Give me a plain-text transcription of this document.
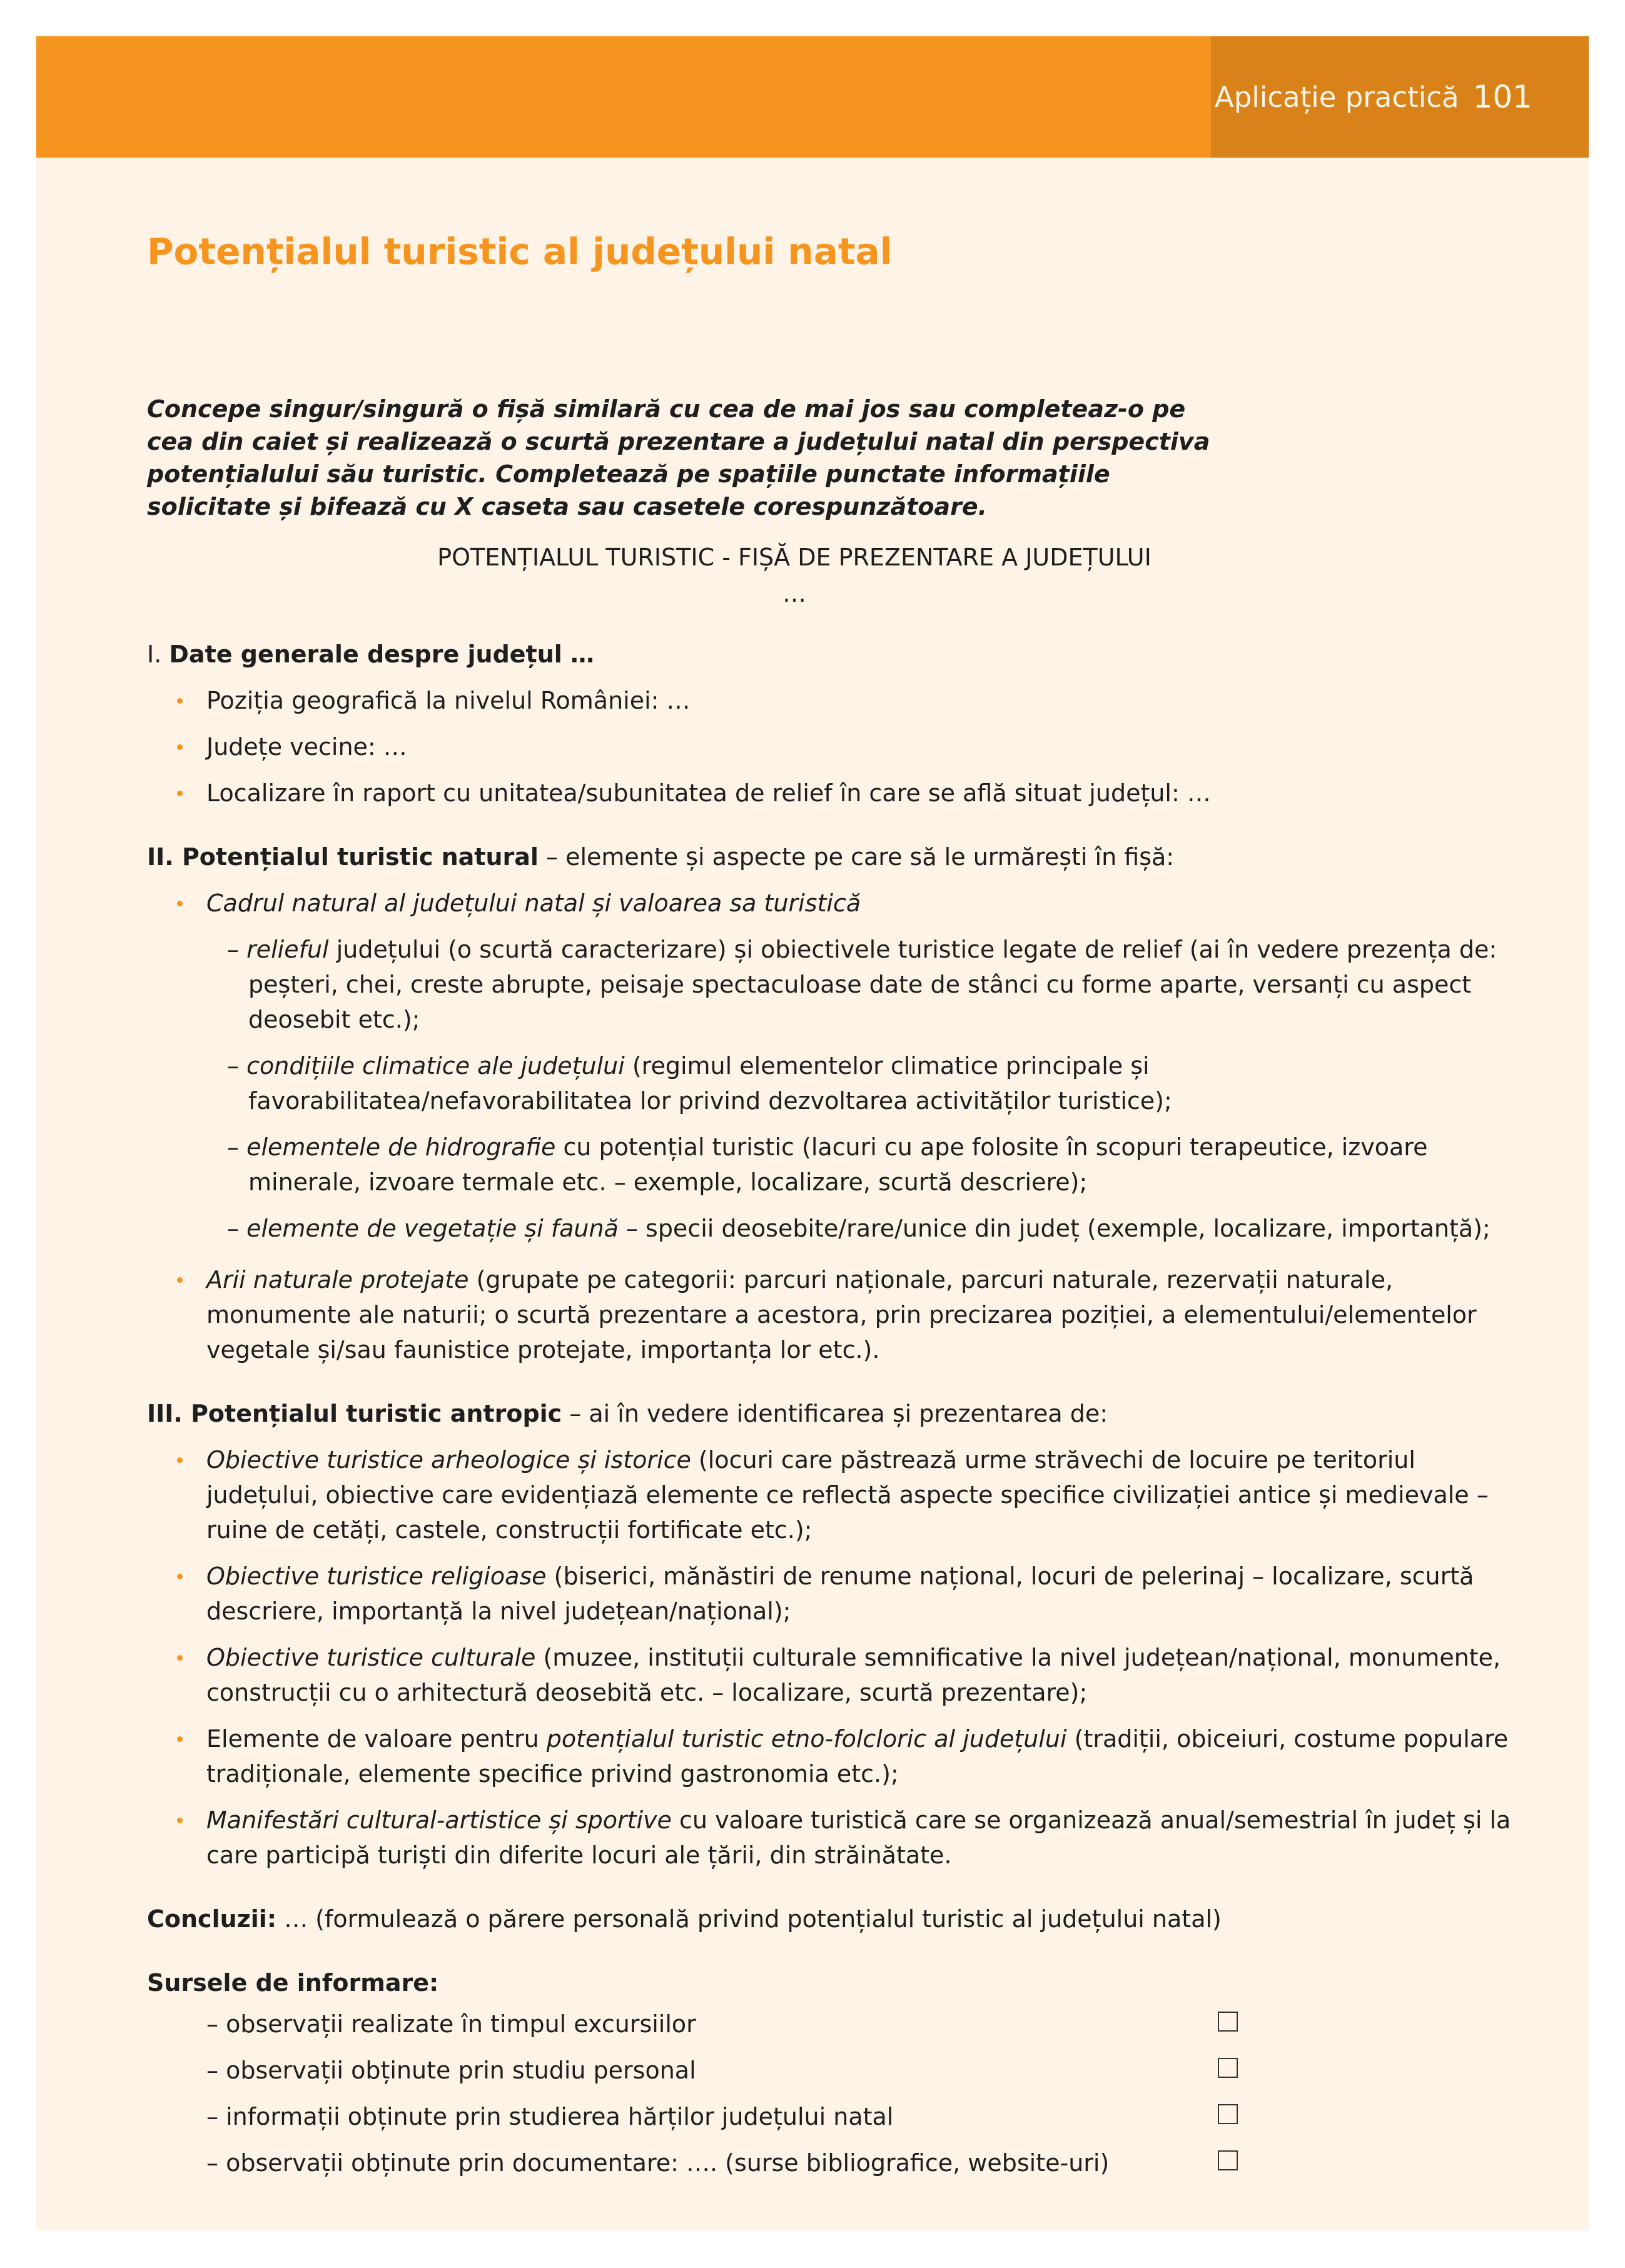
Aplicație practică 101
Potențialul turistic al județului natal

Concepe singur/singură o fișă similară cu cea de mai jos sau completeaz-o pe cea din caiet și realizează o scurtă prezentare a județului natal din perspectiva potențialului său turistic. Completează pe spațiile punctate informațiile solicitate și bifează cu X caseta sau casetele corespunzătoare.

POTENȚIALUL TURISTIC - FIȘĂ DE PREZENTARE A JUDEȚULUI
…

I. Date generale despre județul …

Poziția geografică la nivelul României: …
Județe vecine: …
Localizare în raport cu unitatea/subunitatea de relief în care se află situat județul: …

II. Potențialul turistic natural – elemente și aspecte pe care să le urmărești în fișă:

Cadrul natural al județului natal și valoarea sa turistică
– relieful județului (o scurtă caracterizare) și obiectivele turistice legate de relief (ai în vedere prezența de: peșteri, chei, creste abrupte, peisaje spectaculoase date de stânci cu forme aparte, versanți cu aspect deosebit etc.);
– condițiile climatice ale județului (regimul elementelor climatice principale și favorabilitatea/nefavorabilitatea lor privind dezvoltarea activităților turistice);
– elementele de hidrografie cu potențial turistic (lacuri cu ape folosite în scopuri terapeutice, izvoare minerale, izvoare termale etc. – exemple, localizare, scurtă descriere);
– elemente de vegetație și faună – specii deosebite/rare/unice din județ (exemple, localizare, importanță);
Arii naturale protejate (grupate pe categorii: parcuri naționale, parcuri naturale, rezervații naturale, monumente ale naturii; o scurtă prezentare a acestora, prin precizarea poziției, a elementului/elementelor vegetale și/sau faunistice protejate, importanța lor etc.).

III. Potențialul turistic antropic – ai în vedere identificarea și prezentarea de:

Obiective turistice arheologice și istorice (locuri care păstrează urme străvechi de locuire pe teritoriul județului, obiective care evidențiază elemente ce reflectă aspecte specifice civilizației antice și medievale – ruine de cetăți, castele, construcții fortificate etc.);
Obiective turistice religioase (biserici, mănăstiri de renume național, locuri de pelerinaj – localizare, scurtă descriere, importanță la nivel județean/național);
Obiective turistice culturale (muzee, instituții culturale semnificative la nivel județean/național, monumente, construcții cu o arhitectură deosebită etc. – localizare, scurtă prezentare);
Elemente de valoare pentru potențialul turistic etno-folcloric al județului (tradiții, obiceiuri, costume populare tradiționale, elemente specifice privind gastronomia etc.);
Manifestări cultural-artistice și sportive cu valoare turistică care se organizează anual/semestrial în județ și la care participă turiști din diferite locuri ale țării, din străinătate.
Concluzii: … (formulează o părere personală privind potențialul turistic al județului natal)
Sursele de informare:
– observații realizate în timpul excursiilor
– observații obținute prin studiu personal
– informații obținute prin studierea hărților județului natal
– observații obținute prin documentare: …. (surse bibliografice, website-uri)
